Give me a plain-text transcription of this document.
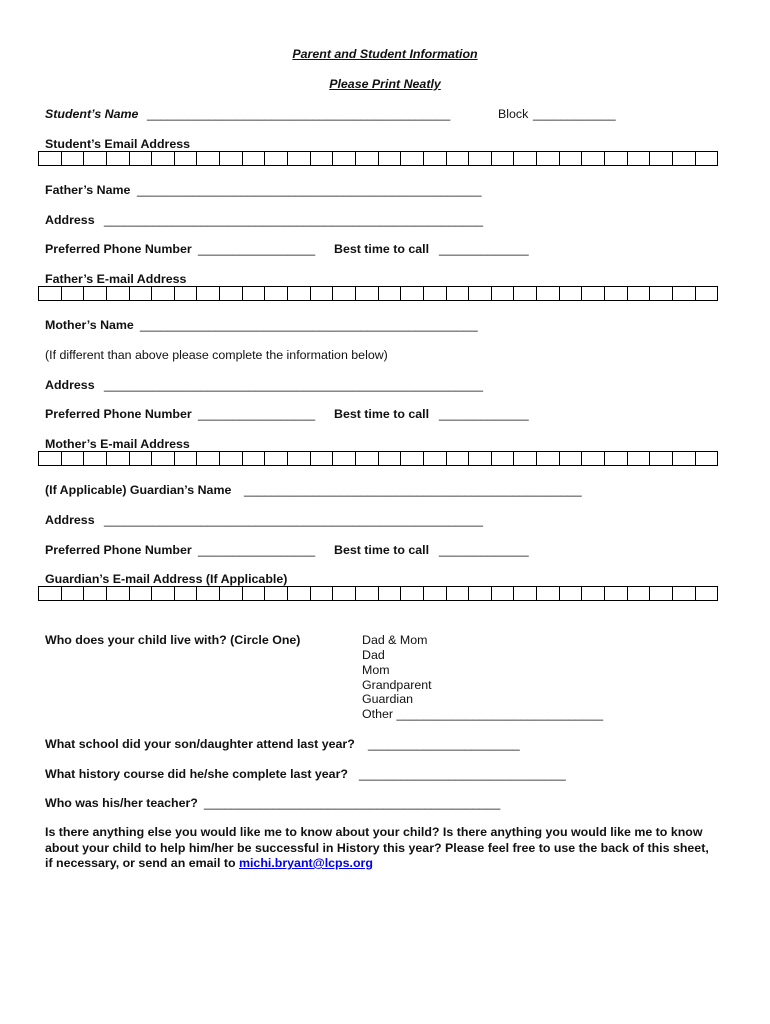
Parent and Student Information
Please Print Neatly
Student’s Name ____________________________________________	Block ____________
Student’s Email Address
Father’s Name __________________________________________________
Address _______________________________________________________
Preferred Phone Number _________________ Best time to call _____________
Father’s E-mail Address
Mother’s Name _________________________________________________
(If different than above please complete the information below)
Address _______________________________________________________
Preferred Phone Number _________________ Best time to call _____________
Mother’s E-mail Address
(If Applicable) Guardian’s Name _________________________________________________
Address _______________________________________________________
Preferred Phone Number _________________ Best time to call _____________
Guardian’s E-mail Address (If Applicable)
Who does your child live with? (Circle One)	Dad & Mom
Dad
Mom
Grandparent
Guardian
Other ______________________________
What school did your son/daughter attend last year? ______________________
What history course did he/she complete last year? ______________________________
Who was his/her teacher? ___________________________________________
Is there anything else you would like me to know about your child? Is there anything you would like me to know
about your child to help him/her be successful in History this year? Please feel free to use the back of this sheet,
if necessary, or send an email to michi.bryant@lcps.org
